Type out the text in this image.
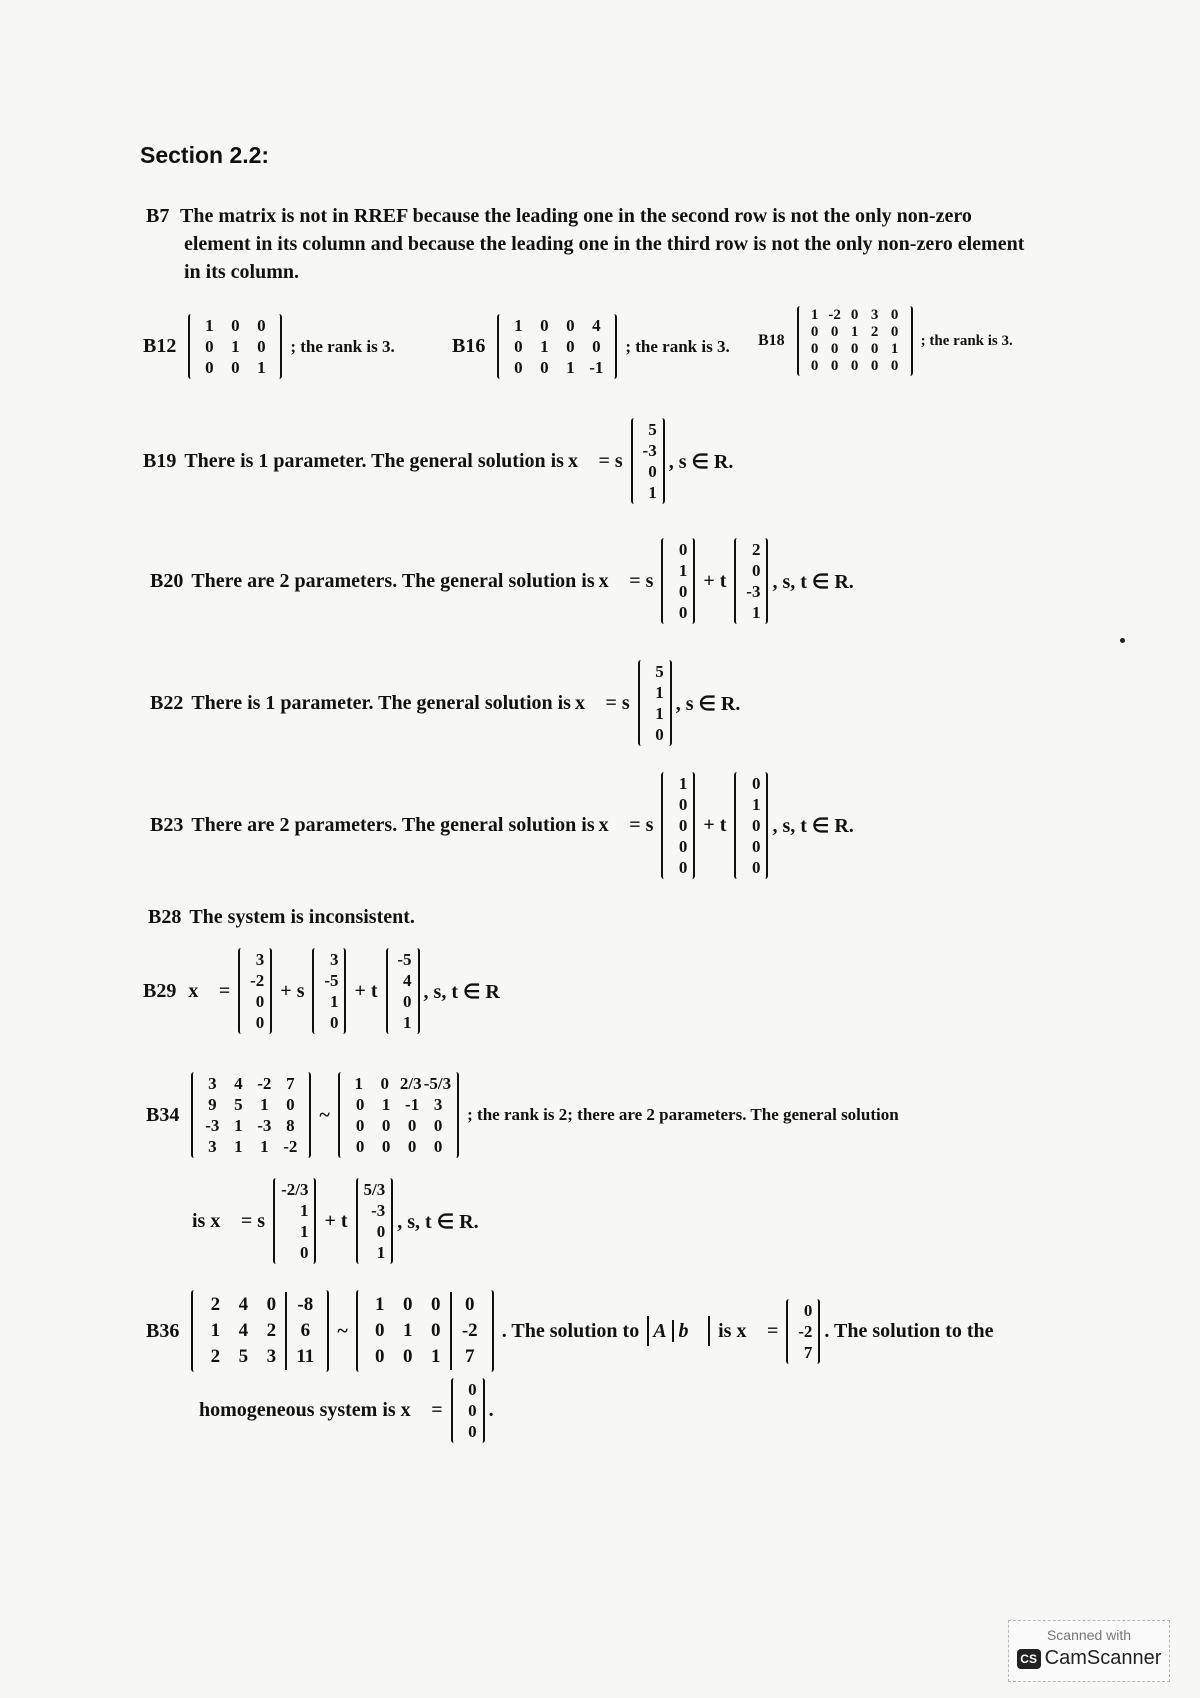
Section 2.2:
B7 The matrix is not in RREF because the leading one in the second row is not the only non-zero
element in its column and because the leading one in the third row is not the only non-zero element
in its column.
B12
1	0	0
0	1	0
0	0	1
; the rank is 3.	B16
1	0	0	4
0	1	0	0
0	0	1 -1
; the rank is 3. B18
1 -2 0 3 0
0 0 1 2 0
0 0 0 0 1
0 0 0 0 0
; the rank is 3.
B19 There is 1 parameter. The general solution is x⃗ = s
5
-3
0
1
, s ∈ R.
B20 There are 2 parameters. The general solution is x⃗ = s
0
1
0
0
+ t
2
0
-3
1
, s, t ∈ R.
B22 There is 1 parameter. The general solution is x⃗ = s
5
1
1
0
, s ∈ R.
B23 There are 2 parameters. The general solution is x⃗ = s
1
0
0
0
0
+ t
0
1
0
0
0
, s, t ∈ R.
B28 The system is inconsistent.
B29 x⃗ =
3
-2
0
0
+ s
3
-5
1
0
+ t
-5
4
0
1
, s, t ∈ R
B34
3	4 -2 7
9	5	1	0
-3 1 -3 8
3	1	1 -2
~
1	0 2/3 -5/3
0	1 -1 3
0	0	0	0
0	0	0	0
; the rank is 2; there are 2 parameters. The general solution
is x⃗ = s
-2/3
1
1
0
+ t
5/3
-3
0
1
, s, t ∈ R.
B36
2 4 0	-8
1 4 2	6
2 5 3	11
~
1 0 0	0
0 1 0	-2
0 0 1	7
. The solution to A b⃗ is x⃗ =
0
-2
7
. The solution to the
homogeneous system is x⃗ =
0
0
0
.
Scanned with
CS CamScanner
